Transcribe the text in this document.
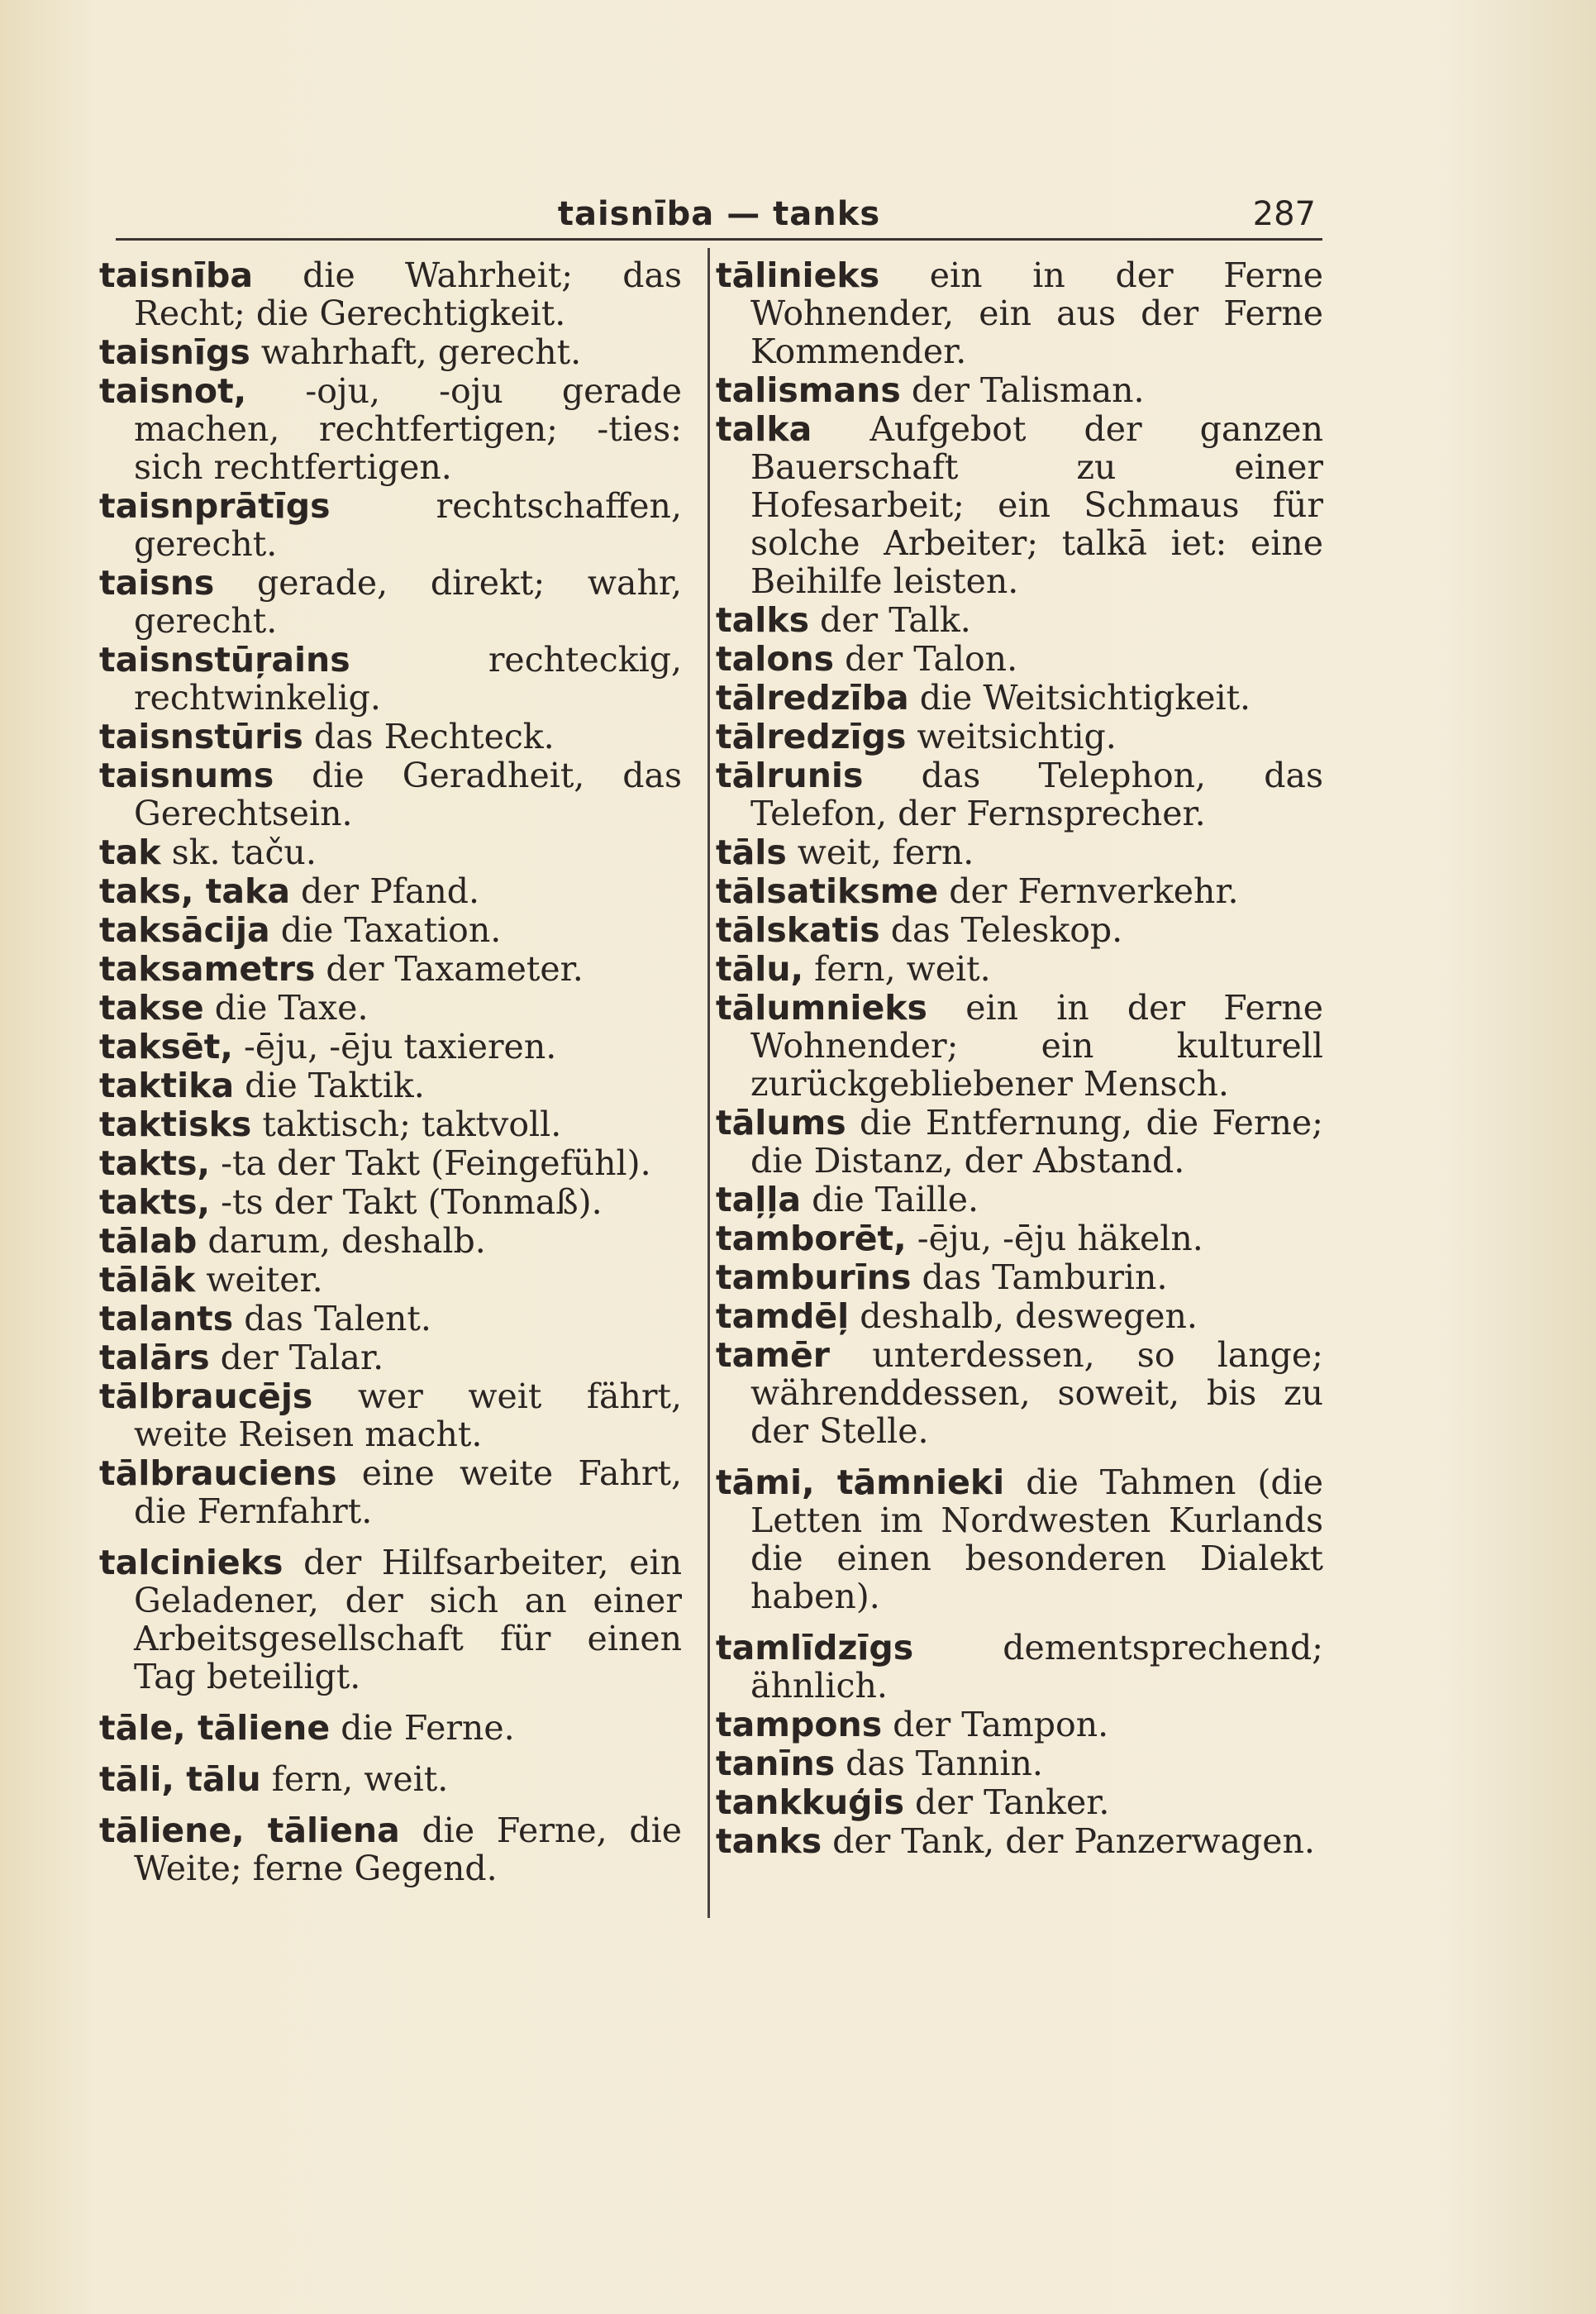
taisnība — tanks	287
taisnība die Wahrheit; das Recht; die Gerechtigkeit.
taisnīgs wahrhaft, gerecht.
taisnot, -oju, -oju gerade machen, rechtfertigen; -ties: sich rechtfertigen.
taisnprātīgs	rechtschaffen, gerecht.
taisns gerade, direkt; wahr, gerecht.
taisnstūŗains	rechteckig, rechtwinkelig.
taisnstūris das Rechteck.
taisnums die Geradheit, das Gerechtsein.
tak sk. taču.
taks, taka der Pfand.
taksācija die Taxation.
taksametrs der Taxameter.
takse die Taxe.
taksēt, -ēju, -ēju taxieren.
taktika die Taktik.
taktisks taktisch; taktvoll.
takts, -ta der Takt (Feingefühl).
takts, -ts der Takt (Tonmaß).
tālab darum, deshalb.
tālāk weiter.
talants das Talent.
talārs der Talar.
tālbraucējs wer weit fährt, weite Reisen macht.
tālbrauciens eine weite Fahrt, die Fernfahrt.
talcinieks der Hilfsarbeiter, ein Geladener, der sich an einer Arbeitsgesellschaft für einen Tag beteiligt.
tāle, tāliene die Ferne.
tāli, tālu fern, weit.
tāliene, tāliena die Ferne, die Weite; ferne Gegend.
tālinieks ein in der Ferne Wohnender, ein aus der Ferne Kommender.
talismans der Talisman.
talka Aufgebot der ganzen Bauerschaft zu einer Hofesarbeit; ein Schmaus für solche Arbeiter; talkā iet: eine Beihilfe leisten.
talks der Talk.
talons der Talon.
tālredzība die Weitsichtigkeit.
tālredzīgs weitsichtig.
tālrunis das Telephon, das Telefon, der Fernsprecher.
tāls weit, fern.
tālsatiksme der Fernverkehr.
tālskatis das Teleskop.
tālu, fern, weit.
tālumnieks ein in der Ferne Wohnender; ein kulturell zurückgebliebener Mensch.
tālums die Entfernung, die Ferne; die Distanz, der Abstand.
taļļa die Taille.
tamborēt, -ēju, -ēju häkeln.
tamburīns das Tamburin.
tamdēļ deshalb, deswegen.
tamēr unterdessen, so lange; währenddessen, soweit, bis zu der Stelle.
tāmi, tāmnieki die Tahmen (die Letten im Nordwesten Kurlands die einen besonderen Dialekt haben).
tamlīdzīgs	dementsprechend; ähnlich.
tampons der Tampon.
tanīns das Tannin.
tankkuģis der Tanker.
tanks der Tank, der Panzerwagen.
